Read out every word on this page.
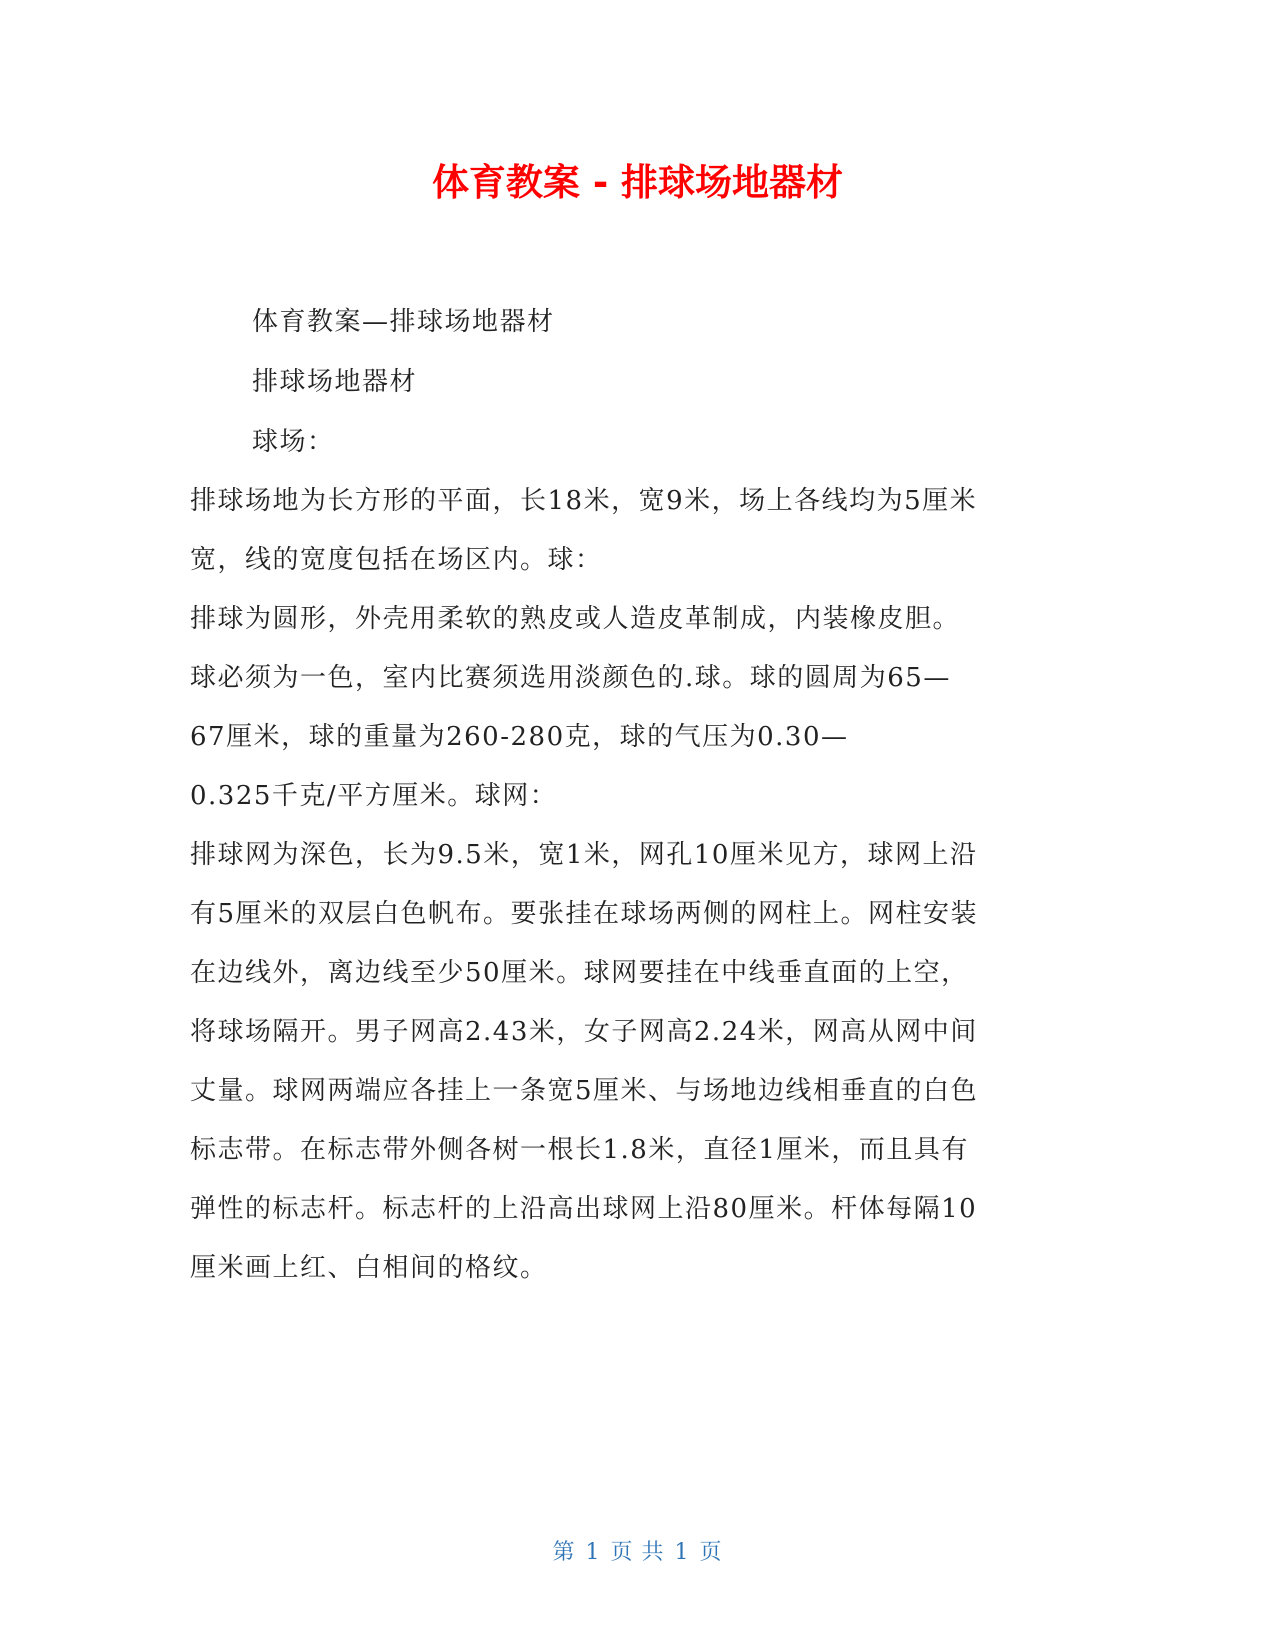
体育教案 - 排球场地器材

体育教案—排球场地器材

排球场地器材

球场：

排球场地为长方形的平面，长18米，宽9米，场上各线均为5厘米

宽，线的宽度包括在场区内。球：

排球为圆形，外壳用柔软的熟皮或人造皮革制成，内装橡皮胆。

球必须为一色，室内比赛须选用淡颜色的.球。球的圆周为65—

67厘米，球的重量为260-280克，球的气压为0.30—

0.325千克/平方厘米。球网：

排球网为深色，长为9.5米，宽1米，网孔10厘米见方，球网上沿

有5厘米的双层白色帆布。要张挂在球场两侧的网柱上。网柱安装

在边线外，离边线至少50厘米。球网要挂在中线垂直面的上空，

将球场隔开。男子网高2.43米，女子网高2.24米，网高从网中间

丈量。球网两端应各挂上一条宽5厘米、与场地边线相垂直的白色

标志带。在标志带外侧各树一根长1.8米，直径1厘米，而且具有

弹性的标志杆。标志杆的上沿高出球网上沿80厘米。杆体每隔10

厘米画上红、白相间的格纹。

第 1 页 共 1 页
